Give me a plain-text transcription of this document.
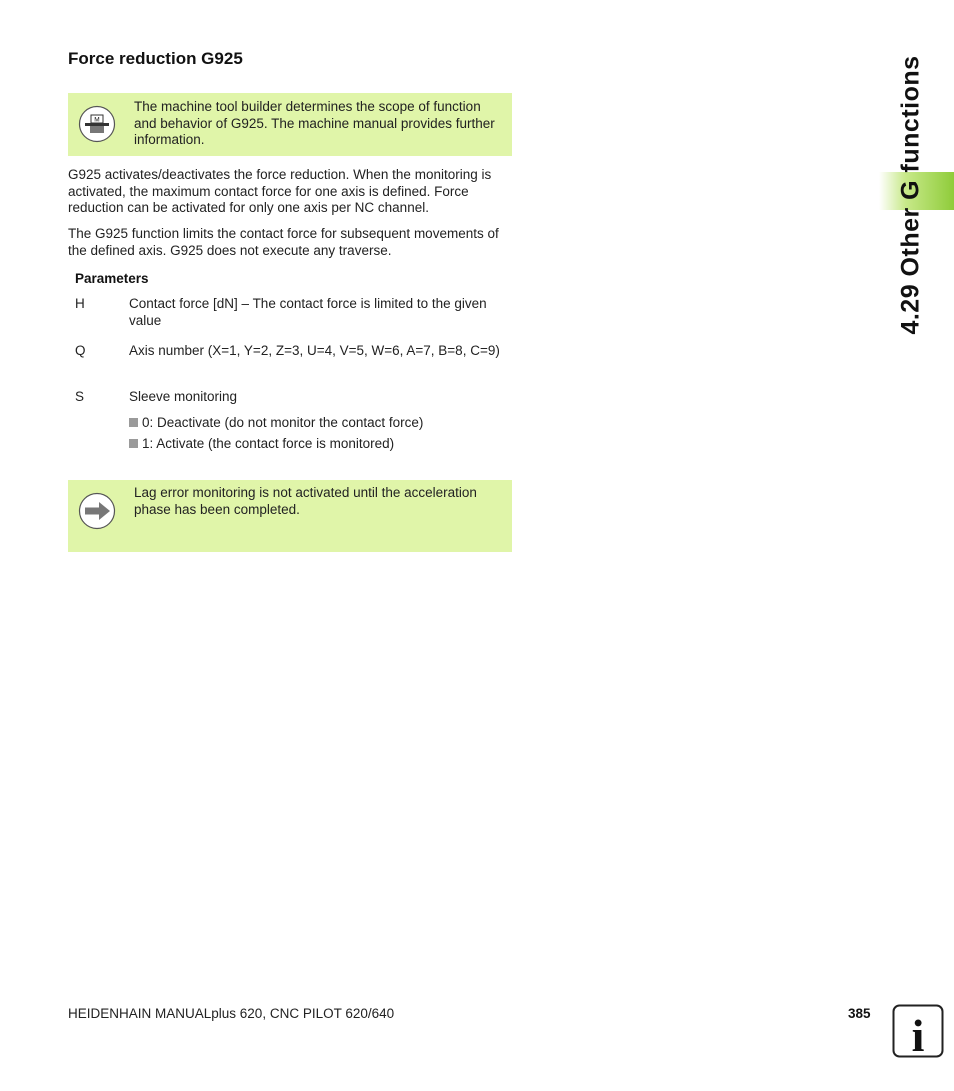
Force reduction G925
M
The machine tool builder determines the scope of function and behavior of G925. The machine manual provides further information.

G925 activates/deactivates the force reduction. When the monitoring is activated, the maximum contact force for one axis is defined. Force reduction can be activated for only one axis per NC channel.

The G925 function limits the contact force for subsequent movements of the defined axis. G925 does not execute any traverse.

Parameters
H	Contact force [dN] – The contact force is limited to the given value
Q	Axis number (X=1, Y=2, Z=3, U=4, V=5, W=6, A=7, B=8, C=9)
S	Sleeve monitoring
0: Deactivate (do not monitor the contact force)
1: Activate (the contact force is monitored)
Lag error monitoring is not activated until the acceleration phase has been completed.
4.29 Other G functions
HEIDENHAIN MANUALplus 620, CNC PILOT 620/640	385 i
